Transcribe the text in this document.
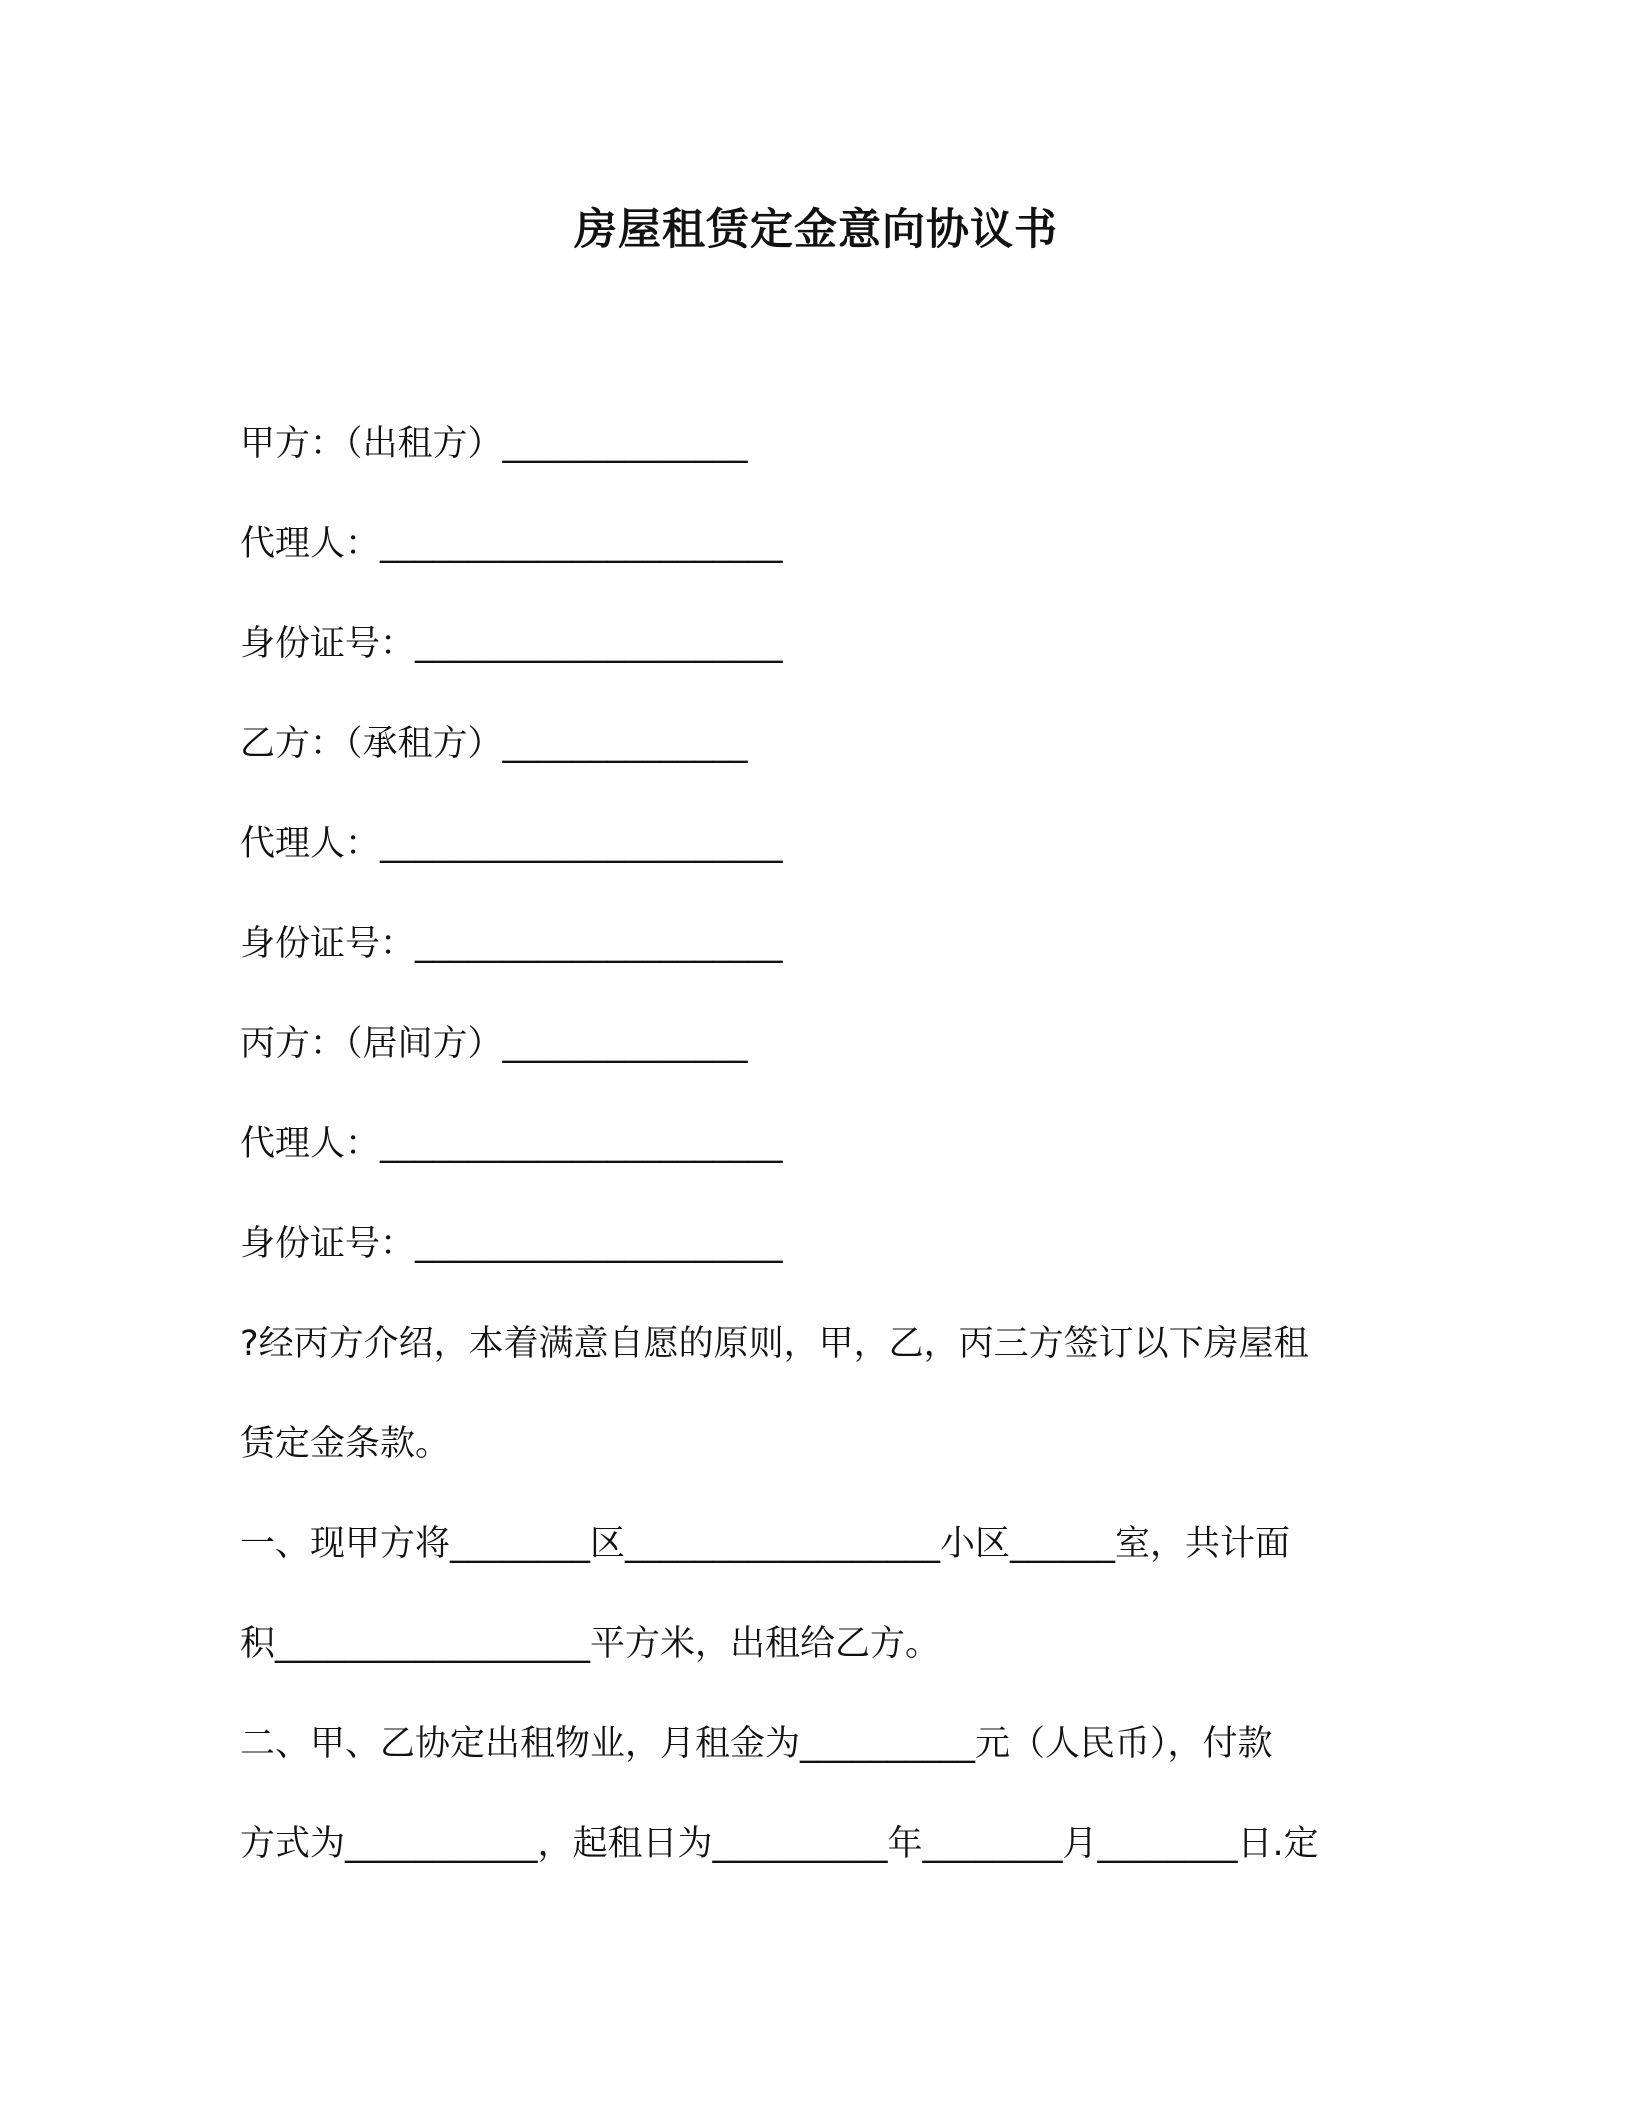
房屋租赁定金意向协议书
甲方：（出租方）______________
代理人：_______________________
身份证号：_____________________
乙方：（承租方）______________
代理人：_______________________
身份证号：_____________________
丙方：（居间方）______________
代理人：_______________________
身份证号：_____________________
?经丙方介绍，本着满意自愿的原则，甲，乙，丙三方签订以下房屋租
赁定金条款。
一、现甲方将________区__________________小区______室，共计面
积__________________平方米，出租给乙方。
二、甲、乙协定出租物业，月租金为__________元（人民币），付款
方式为___________，起租日为__________年________月________日.定
